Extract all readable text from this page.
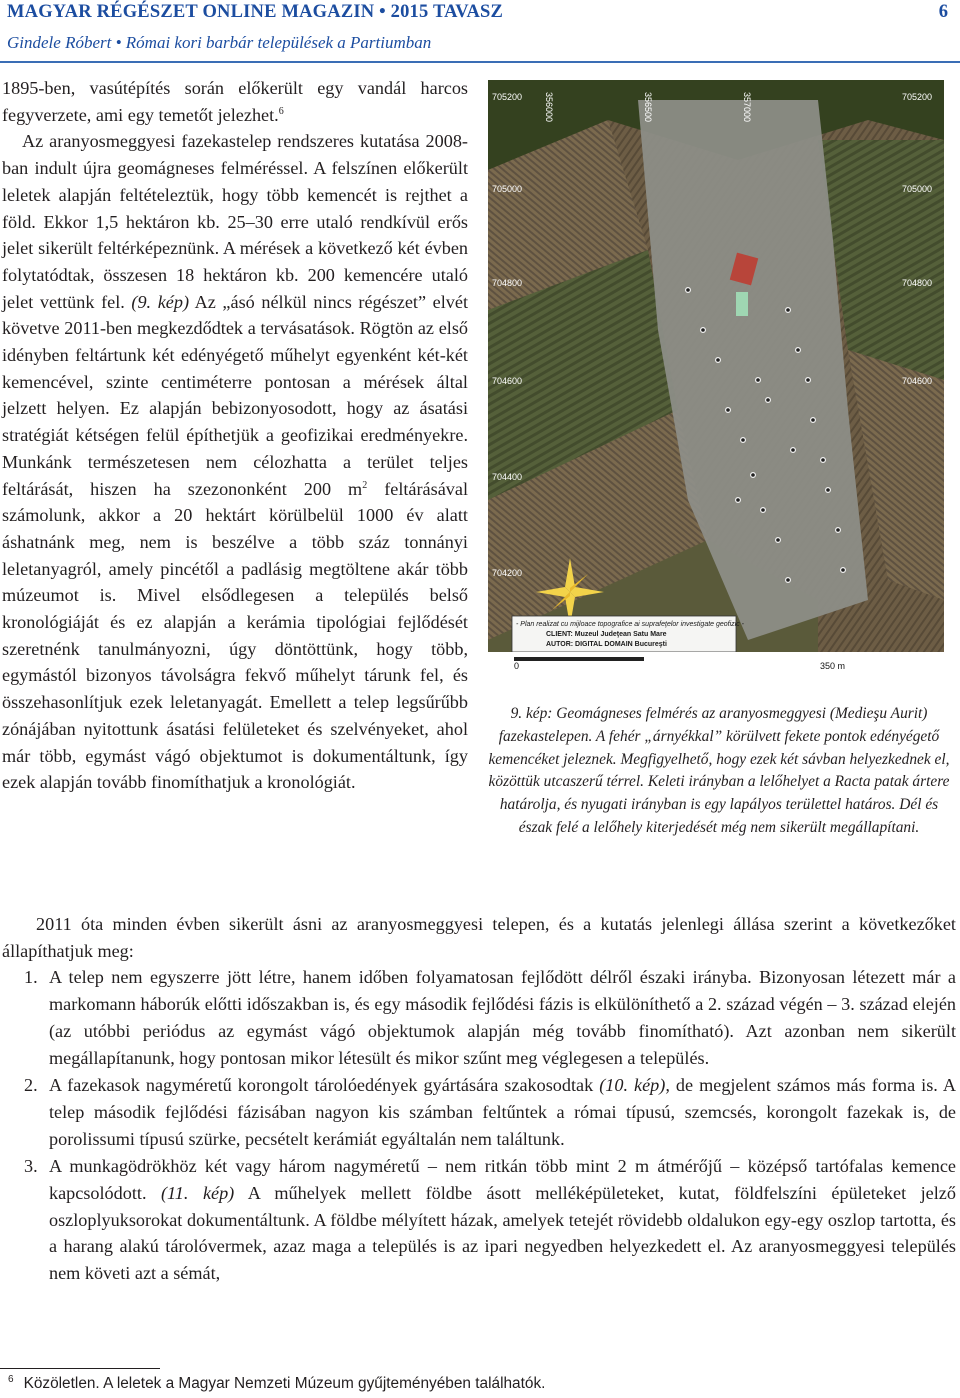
MAGYAR RÉGÉSZET ONLINE MAGAZIN • 2015 TAVASZ	6
Gindele Róbert • Római kori barbár települések a Partiumban

1895-ben, vasútépítés során előkerült egy vandál harcos fegyverzete, ami egy temetőt jelezhet.$^6$

Az aranyosmeggyesi fazekastelep rendszeres kutatása 2008-ban indult újra geomágneses felméréssel. A felszínen előkerült leletek alapján feltételeztük, hogy több kemencét is rejthet a föld. Ekkor 1,5 hektáron kb. 25–30 erre utaló rendkívül erős jelet sikerült feltérképeznünk. A mérések a következő két évben folytatódtak, összesen 18 hektáron kb. 200 kemencére utaló jelet vettünk fel. (9. kép) Az „ásó nélkül nincs régészet” elvét követve 2011-ben megkezdődtek a tervásatások. Rögtön az első idényben feltártunk két edényégető műhelyt egyenként két-két kemencével, szinte centiméterre pontosan a mérések által jelzett helyen. Ez alapján bebizonyosodott, hogy az ásatási stratégiát kétségen felül építhetjük a geofizikai eredményekre. Munkánk természetesen nem célozhatta a terület teljes feltárását, hiszen ha szezononként 200 $m^2$ feltárásával számolunk, akkor a 20 hektárt körülbelül 1000 év alatt áshatnánk meg, nem is beszélve a több száz tonnányi leletanyagról, amely pincétől a padlásig megtöltene akár több múzeumot is. Mivel elsődlegesen a település belső kronológiáját és ez alapján a kerámia tipológiai fejlődését szeretnénk tanulmányozni, úgy döntöttünk, hogy több, egymástól bizonyos távolságra fekvő műhelyt tárunk fel, és összehasonlítjuk ezek leletanyagát. Emellett a telep legsűrűbb zónájában nyitottunk ásatási felületeket és szelvényeket, ahol már több, egymást vágó objektumot is dokumentáltunk, így ezek alapján tovább finomíthatjuk a kronológiát.

705200	705200
705000	705000
704800	704800
704600	704600
704400
704200
356000	356500	357000
- Plan realizat cu mijloace topografice ai suprafeţelor investigate geofizic -
CLIENT: Muzeul Judeţean Satu Mare
AUTOR: DIGITAL DOMAIN Bucureşti
0	350 m

9. kép: Geomágneses felmérés az aranyosmeggyesi (Medieşu Aurit) fazekastelepen. A fehér „árnyékkal” körülvett fekete pontok edényégető kemencéket jeleznek. Megfigyelhető, hogy ezek két sávban helyezkednek el, közöttük utcaszerű térrel. Keleti irányban a lelőhelyet a Racta patak ártere határolja, és nyugati irányban is egy lapályos területtel határos. Dél és észak felé a lelőhely kiterjedését még nem sikerült megállapítani.

2011 óta minden évben sikerült ásni az aranyosmeggyesi telepen, és a kutatás jelenlegi állása szerint a következőket állapíthatjuk meg:

1. A telep nem egyszerre jött létre, hanem időben folyamatosan fejlődött délről északi irányba. Bizonyosan létezett már a markomann háborúk előtti időszakban is, és egy második fejlődési fázis is elkülöníthető a 2. század végén – 3. század elején (az utóbbi periódus az egymást vágó objektumok alapján még tovább finomítható). Azt azonban nem sikerült megállapítanunk, hogy pontosan mikor létesült és mikor szűnt meg véglegesen a település.
2. A fazekasok nagyméretű korongolt tárolóedények gyártására szakosodtak (10. kép), de megjelent számos más forma is. A telep második fejlődési fázisában nagyon kis számban feltűntek a római típusú, szemcsés, korongolt fazekak is, de porolissumi típusú szürke, pecsételt kerámiát egyáltalán nem találtunk.
3. A munkagödrökhöz két vagy három nagyméretű – nem ritkán több mint 2 m átmérőjű – középső tartófalas kemence kapcsolódott. (11. kép) A műhelyek mellett földbe ásott melléképületeket, kutat, földfelszíni épületeket jelző oszloplyuksorokat dokumentáltunk. A földbe mélyített házak, amelyek tetejét rövidebb oldalukon egy-egy oszlop tartotta, és a harang alakú tárolóvermek, azaz maga a település is az ipari negyedben helyezkedett el. Az aranyosmeggyesi település nem követi azt a sémát,
$^6$ Közöletlen. A leletek a Magyar Nemzeti Múzeum gyűjteményében találhatók.
